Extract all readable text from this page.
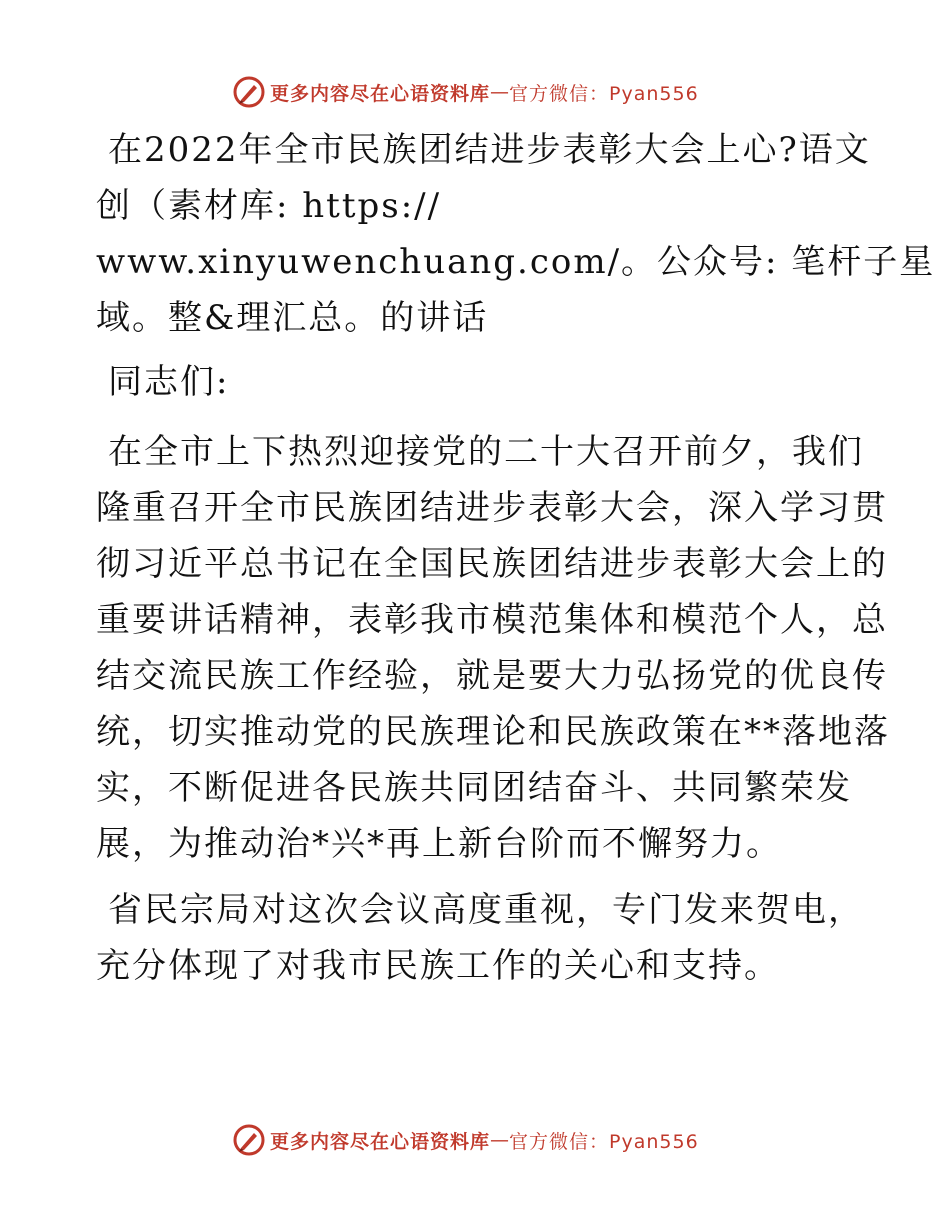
更多内容尽在心语资料库 — 官方微信：Pyan556

在2022年全市民族团结进步表彰大会上心?语文
创（素材库: https://
www.xinyuwenchuang.com/。公众号: 笔杆子星
域。整&理汇总。的讲话

同志们:

在全市上下热烈迎接党的二十大召开前夕，我们
隆重召开全市民族团结进步表彰大会，深入学习贯
彻习近平总书记在全国民族团结进步表彰大会上的
重要讲话精神，表彰我市模范集体和模范个人，总
结交流民族工作经验，就是要大力弘扬党的优良传
统，切实推动党的民族理论和民族政策在**落地落
实，不断促进各民族共同团结奋斗、共同繁荣发
展，为推动治*兴*再上新台阶而不懈努力。

省民宗局对这次会议高度重视，专门发来贺电，
充分体现了对我市民族工作的关心和支持。

更多内容尽在心语资料库 — 官方微信：Pyan556
